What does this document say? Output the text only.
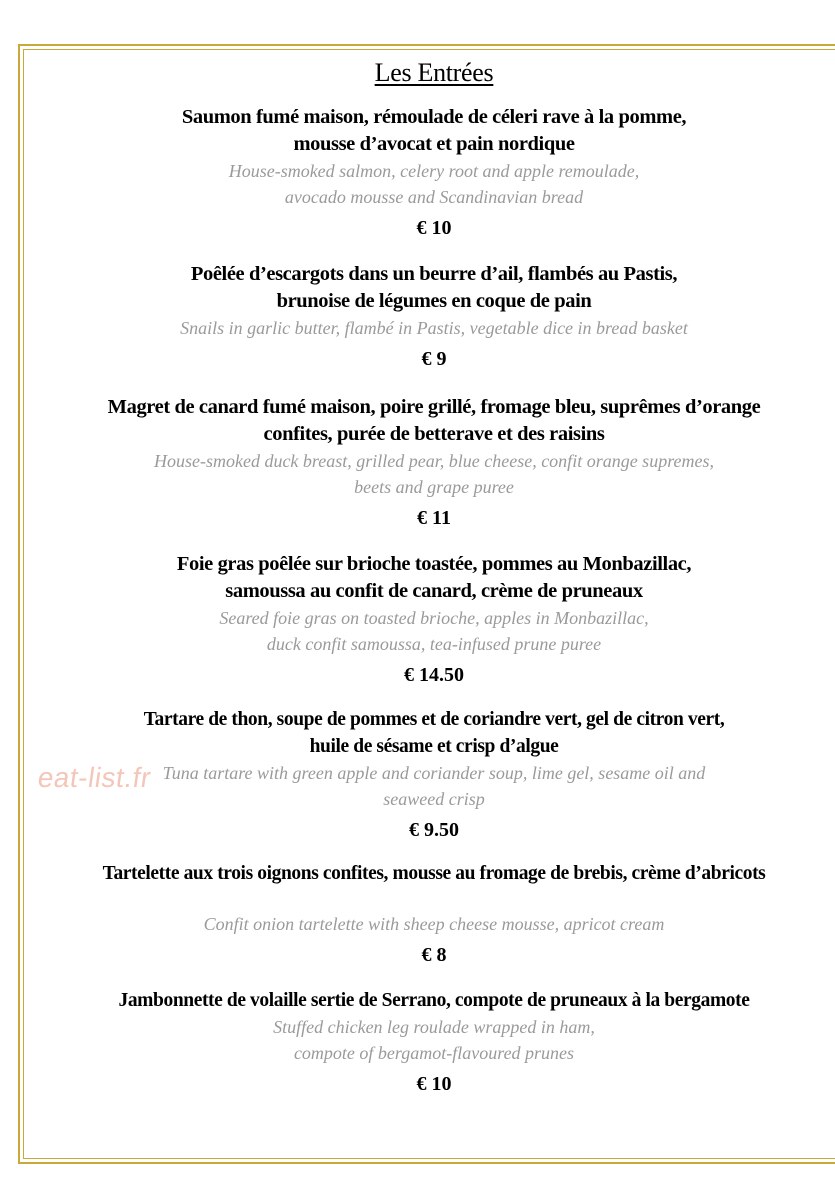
Les Entrées
Saumon fumé maison, rémoulade de céleri rave à la pomme,
mousse d’avocat et pain nordique
House-smoked salmon, celery root and apple remoulade,
avocado mousse and Scandinavian bread
€ 10
Poêlée d’escargots dans un beurre d’ail, flambés au Pastis,
brunoise de légumes en coque de pain
Snails in garlic butter, flambé in Pastis, vegetable dice in bread basket
€ 9
Magret de canard fumé maison, poire grillé, fromage bleu, suprêmes d’orange
confites, purée de betterave et des raisins
House-smoked duck breast, grilled pear, blue cheese, confit orange supremes,
beets and grape puree
€ 11
Foie gras poêlée sur brioche toastée, pommes au Monbazillac,
samoussa au confit de canard, crème de pruneaux
Seared foie gras on toasted brioche, apples in Monbazillac,
duck confit samoussa, tea-infused prune puree
€ 14.50
Tartare de thon, soupe de pommes et de coriandre vert, gel de citron vert,
huile de sésame et crisp d’algue
Tuna tartare with green apple and coriander soup, lime gel, sesame oil and
seaweed crisp
€ 9.50
Tartelette aux trois oignons confites, mousse au fromage de brebis, crème d’abricots
Confit onion tartelette with sheep cheese mousse, apricot cream
€ 8
Jambonnette de volaille sertie de Serrano, compote de pruneaux à la bergamote
Stuffed chicken leg roulade wrapped in ham,
compote of bergamot-flavoured prunes
€ 10
eat-list.fr
